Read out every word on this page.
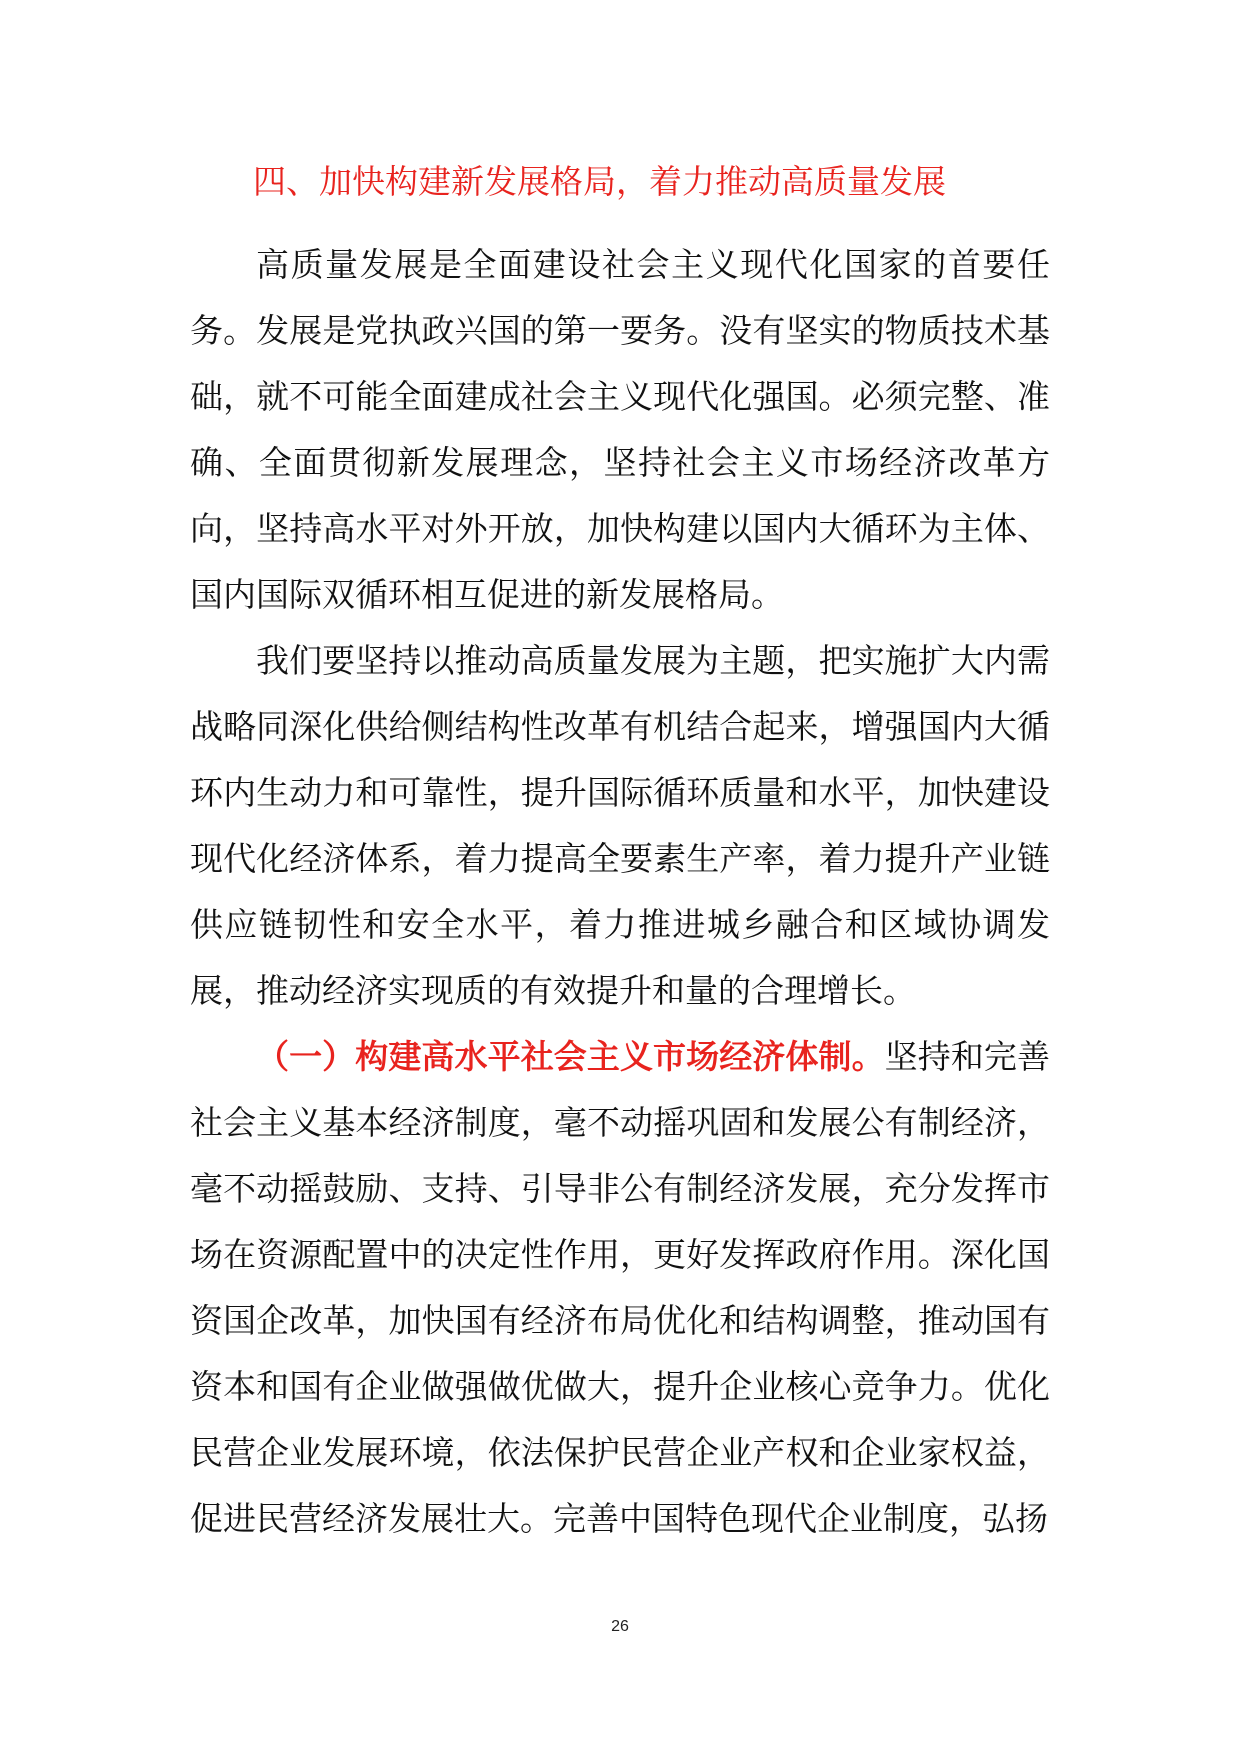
四、加快构建新发展格局，着力推动高质量发展

高质量发展是全面建设社会主义现代化国家的首要任务。发展是党执政兴国的第一要务。没有坚实的物质技术基础，就不可能全面建成社会主义现代化强国。必须完整、准确、全面贯彻新发展理念，坚持社会主义市场经济改革方向，坚持高水平对外开放，加快构建以国内大循环为主体、国内国际双循环相互促进的新发展格局。

我们要坚持以推动高质量发展为主题，把实施扩大内需战略同深化供给侧结构性改革有机结合起来，增强国内大循环内生动力和可靠性，提升国际循环质量和水平，加快建设现代化经济体系，着力提高全要素生产率，着力提升产业链供应链韧性和安全水平，着力推进城乡融合和区域协调发展，推动经济实现质的有效提升和量的合理增长。

（一）构建高水平社会主义市场经济体制。坚持和完善社会主义基本经济制度，毫不动摇巩固和发展公有制经济，毫不动摇鼓励、支持、引导非公有制经济发展，充分发挥市场在资源配置中的决定性作用，更好发挥政府作用。深化国资国企改革，加快国有经济布局优化和结构调整，推动国有资本和国有企业做强做优做大，提升企业核心竞争力。优化民营企业发展环境，依法保护民营企业产权和企业家权益，促进民营经济发展壮大。完善中国特色现代企业制度，弘扬

26
